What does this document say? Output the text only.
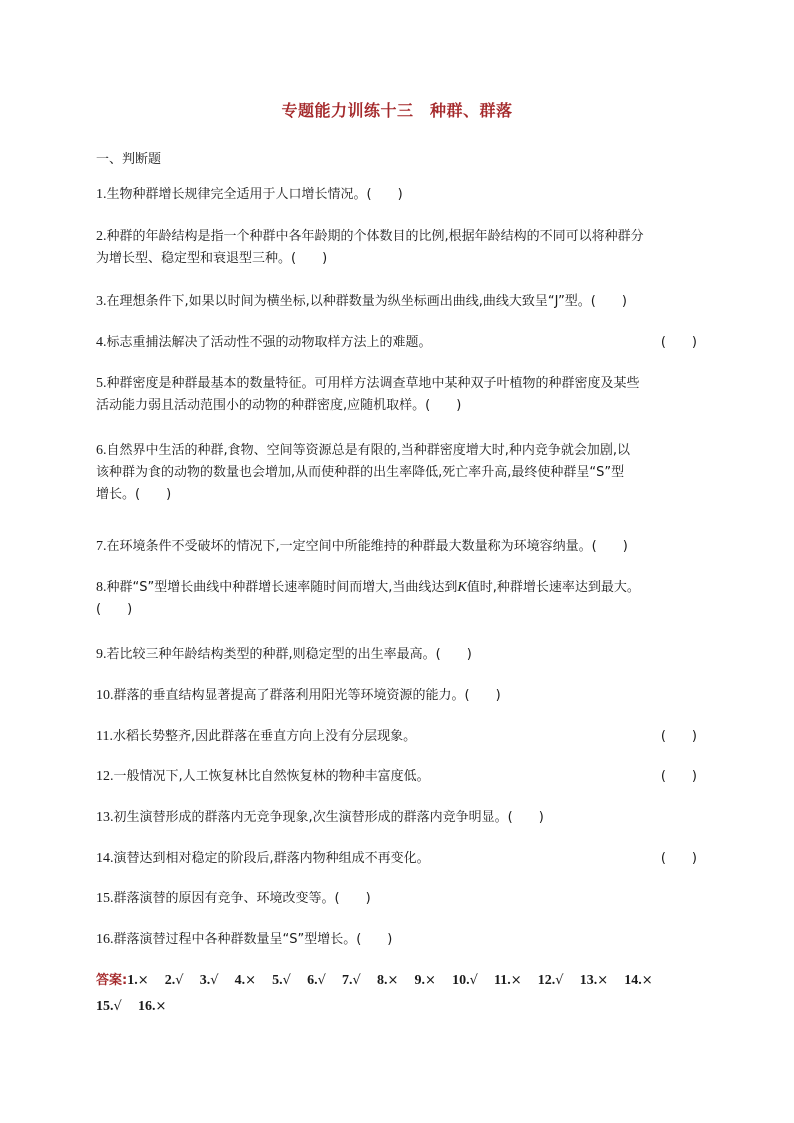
专题能力训练十三　种群、群落
一、判断题
1.生物种群增长规律完全适用于人口增长情况。(　　)
2.种群的年龄结构是指一个种群中各年龄期的个体数目的比例,根据年龄结构的不同可以将种群分
为增长型、稳定型和衰退型三种。(　　)
3.在理想条件下,如果以时间为横坐标,以种群数量为纵坐标画出曲线,曲线大致呈“J”型。(　　)
4.标志重捕法解决了活动性不强的动物取样方法上的难题。	(　　)
5.种群密度是种群最基本的数量特征。可用样方法调查草地中某种双子叶植物的种群密度及某些
活动能力弱且活动范围小的动物的种群密度,应随机取样。(　　)
6.自然界中生活的种群,食物、空间等资源总是有限的,当种群密度增大时,种内竞争就会加剧,以
该种群为食的动物的数量也会增加,从而使种群的出生率降低,死亡率升高,最终使种群呈“S”型
增长。(　　)
7.在环境条件不受破坏的情况下,一定空间中所能维持的种群最大数量称为环境容纳量。(　　)
8.种群“S”型增长曲线中种群增长速率随时间而增大,当曲线达到K值时,种群增长速率达到最大。
(　　)
9.若比较三种年龄结构类型的种群,则稳定型的出生率最高。(　　)
10.群落的垂直结构显著提高了群落利用阳光等环境资源的能力。(　　)
11.水稻长势整齐,因此群落在垂直方向上没有分层现象。	(　　)
12.一般情况下,人工恢复林比自然恢复林的物种丰富度低。	(　　)
13.初生演替形成的群落内无竞争现象,次生演替形成的群落内竞争明显。(　　)
14.演替达到相对稳定的阶段后,群落内物种组成不再变化。	(　　)
15.群落演替的原因有竞争、环境改变等。(　　)
16.群落演替过程中各种群数量呈“S”型增长。(　　)
答案:1.× 2.√ 3.√ 4.× 5.√ 6.√ 7.√ 8.× 9.× 10.√ 11.× 12.√ 13.× 14.× 15.√ 16.×
